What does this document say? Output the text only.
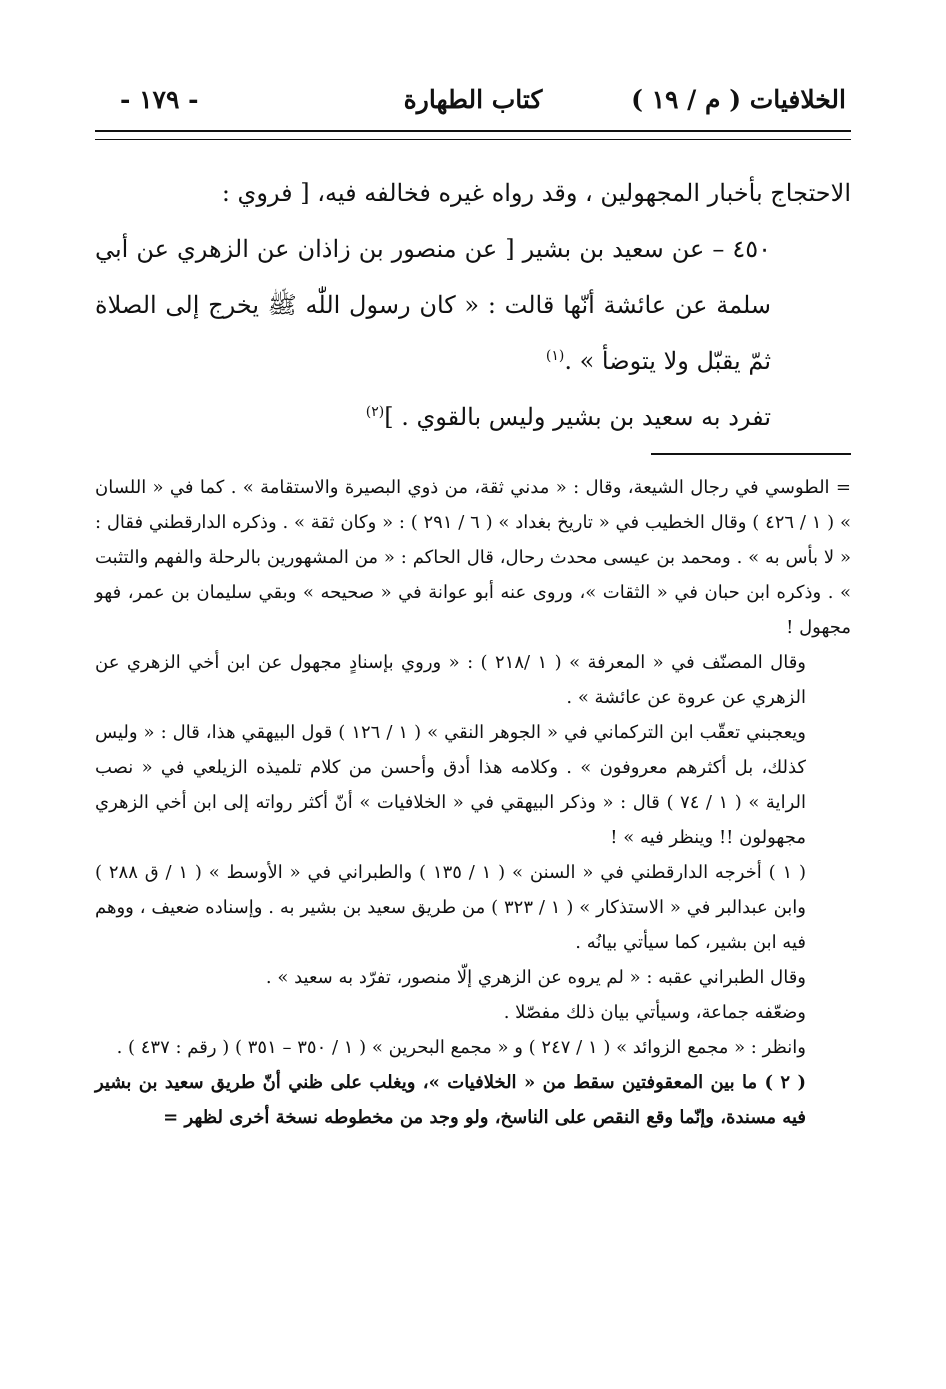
الخلافيات ( م / ١٩ )
كتاب الطهارة
- ١٧٩ -

الاحتجاج بأخبار المجهولين ، وقد رواه غيره فخالفه فيه، [ فروي :

٤٥٠ – عن سعيد بن بشير [ عن منصور بن زاذان عن الزهري عن أبي سلمة عن عائشة أنّها قالت : « كان رسول اللّٰه ﷺ يخرج إلى الصلاة ثمّ يقبّل ولا يتوضأ » .$^{(١)}$

تفرد به سعيد بن بشير وليس بالقوي . ]$^{(٢)}$

= الطوسي في رجال الشيعة، وقال : « مدني ثقة، من ذوي البصيرة والاستقامة » . كما في « اللسان » ( ١ / ٤٢٦ ) وقال الخطيب في « تاريخ بغداد » ( ٦ / ٢٩١ ) : « وكان ثقة » . وذكره الدارقطني فقال : « لا بأس به » . ومحمد بن عيسى محدث رحال، قال الحاكم : « من المشهورين بالرحلة والفهم والتثبت » . وذكره ابن حبان في « الثقات »، وروى عنه أبو عوانة في « صحيحه » وبقي سليمان بن عمر، فهو مجهول !

وقال المصنّف في « المعرفة » ( ١ /٢١٨ ) : « وروي بإسنادٍ مجهول عن ابن أخي الزهري عن الزهري عن عروة عن عائشة » .

ويعجبني تعقّب ابن التركماني في « الجوهر النقي » ( ١ / ١٢٦ ) قول البيهقي هذا، قال : « وليس كذلك، بل أكثرهم معروفون » . وكلامه هذا أدق وأحسن من كلام تلميذه الزيلعي في « نصب الراية » ( ١ / ٧٤ ) قال : « وذكر البيهقي في « الخلافيات » أنّ أكثر رواته إلى ابن أخي الزهري مجهولون !! وينظر فيه » !

( ١ ) أخرجه الدارقطني في « السنن » ( ١ / ١٣٥ ) والطبراني في « الأوسط » ( ١ / ق ٢٨٨ ) وابن عبدالبر في « الاستذكار » ( ١ / ٣٢٣ ) من طريق سعيد بن بشير به . وإسناده ضعيف ، ووهم فيه ابن بشير، كما سيأتي بيانُه .

وقال الطبراني عقبه : « لم يروه عن الزهري إلّا منصور، تفرّد به سعيد » .

وضعّفه جماعة، وسيأتي بيان ذلك مفصّلا .

وانظر : « مجمع الزوائد » ( ١ / ٢٤٧ ) و « مجمع البحرين » ( ١ / ٣٥٠ – ٣٥١ ) ( رقم : ٤٣٧ ) .

( ٢ ) ما بين المعقوفتين سقط من « الخلافيات »، ويغلب على ظني أنّ طريق سعيد بن بشير فيه مسندة، وإنّما وقع النقص على الناسخ، ولو وجد من مخطوطه نسخة أخرى لظهر =
